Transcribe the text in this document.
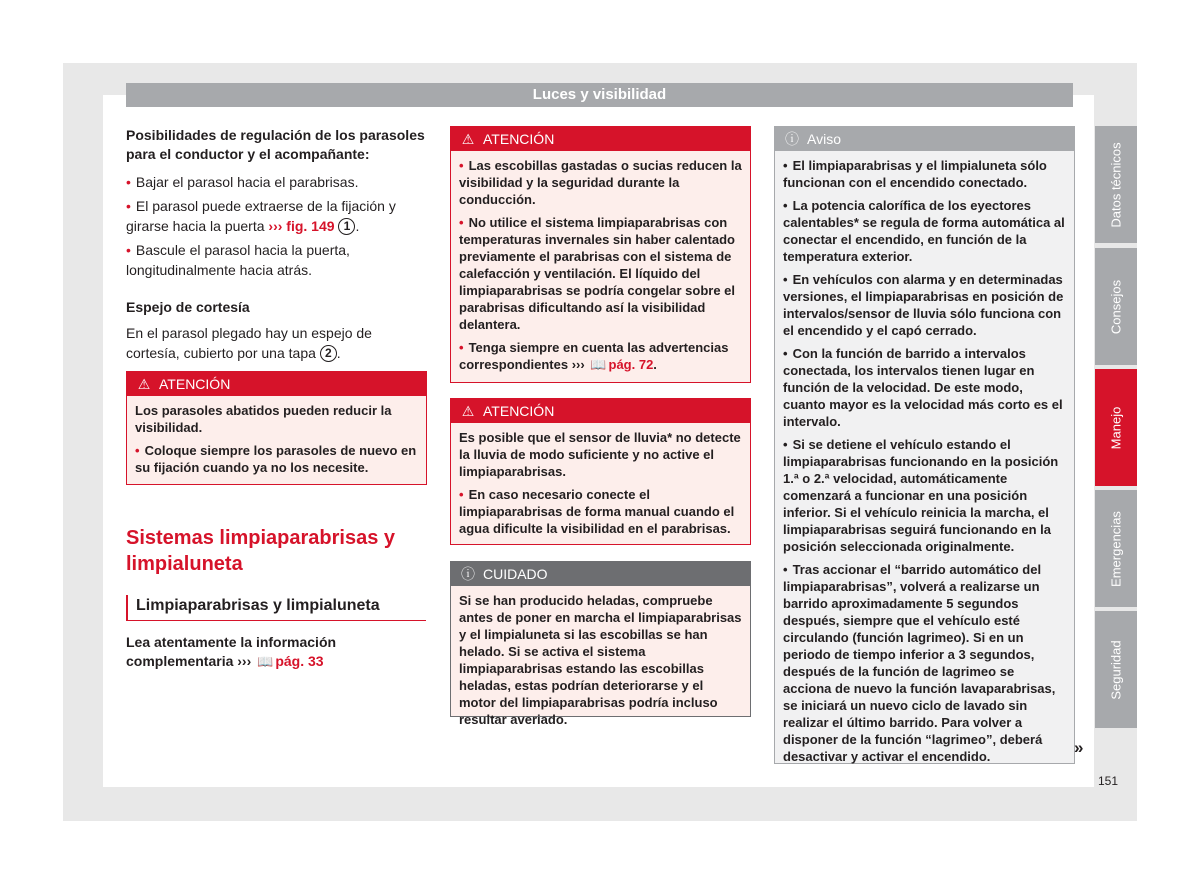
Luces y visibilidad
Datos técnicos
Consejos
Manejo
Emergencias
Seguridad

Posibilidades de regulación de los parasoles para el conductor y el acompañante:

• Bajar el parasol hacia el parabrisas.

• El parasol puede extraerse de la fijación y girarse hacia la puerta ››› fig. 149 1 .

• Bascule el parasol hacia la puerta, longitudinalmente hacia atrás.

Espejo de cortesía

En el parasol plegado hay un espejo de cortesía, cubierto por una tapa 2 .

⚠ ATENCIÓN

Los parasoles abatidos pueden reducir la visibilidad.

• Coloque siempre los parasoles de nuevo en su fijación cuando ya no los necesite.

Sistemas limpiaparabrisas y limpialuneta
Limpiaparabrisas y limpialuneta
Lea atentamente la información complementaria ››› 📖 pág. 33
⚠ ATENCIÓN

• Las escobillas gastadas o sucias reducen la visibilidad y la seguridad durante la conducción.

• No utilice el sistema limpiaparabrisas con temperaturas invernales sin haber calentado previamente el parabrisas con el sistema de calefacción y ventilación. El líquido del limpiaparabrisas se podría congelar sobre el parabrisas dificultando así la visibilidad delantera.

• Tenga siempre en cuenta las advertencias correspondientes ››› 📖 pág. 72.

⚠ ATENCIÓN

Es posible que el sensor de lluvia* no detecte la lluvia de modo suficiente y no active el limpiaparabrisas.

• En caso necesario conecte el limpiaparabrisas de forma manual cuando el agua dificulte la visibilidad en el parabrisas.

ⓘ CUIDADO

Si se han producido heladas, compruebe antes de poner en marcha el limpiaparabrisas y el limpialuneta si las escobillas se han helado. Si se activa el sistema limpiaparabrisas estando las escobillas heladas, estas podrían deteriorarse y el motor del limpiaparabrisas podría incluso resultar averiado.

ⓘ Aviso

• El limpiaparabrisas y el limpialuneta sólo funcionan con el encendido conectado.

• La potencia calorífica de los eyectores calentables* se regula de forma automática al conectar el encendido, en función de la temperatura exterior.

• En vehículos con alarma y en determinadas versiones, el limpiaparabrisas en posición de intervalos/sensor de lluvia sólo funciona con el encendido y el capó cerrado.

• Con la función de barrido a intervalos conectada, los intervalos tienen lugar en función de la velocidad. De este modo, cuanto mayor es la velocidad más corto es el intervalo.

• Si se detiene el vehículo estando el limpiaparabrisas funcionando en la posición 1.ª o 2.ª velocidad, automáticamente comenzará a funcionar en una posición inferior. Si el vehículo reinicia la marcha, el limpiaparabrisas seguirá funcionando en la posición seleccionada originalmente.

• Tras accionar el “barrido automático del limpiaparabrisas”, volverá a realizarse un barrido aproximadamente 5 segundos después, siempre que el vehículo esté circulando (función lagrimeo). Si en un periodo de tiempo inferior a 3 segundos, después de la función de lagrimeo se acciona de nuevo la función lavaparabrisas, se iniciará un nuevo ciclo de lavado sin realizar el último barrido. Para volver a disponer de la función “lagrimeo”, deberá desactivar y activar el encendido.	»
151
